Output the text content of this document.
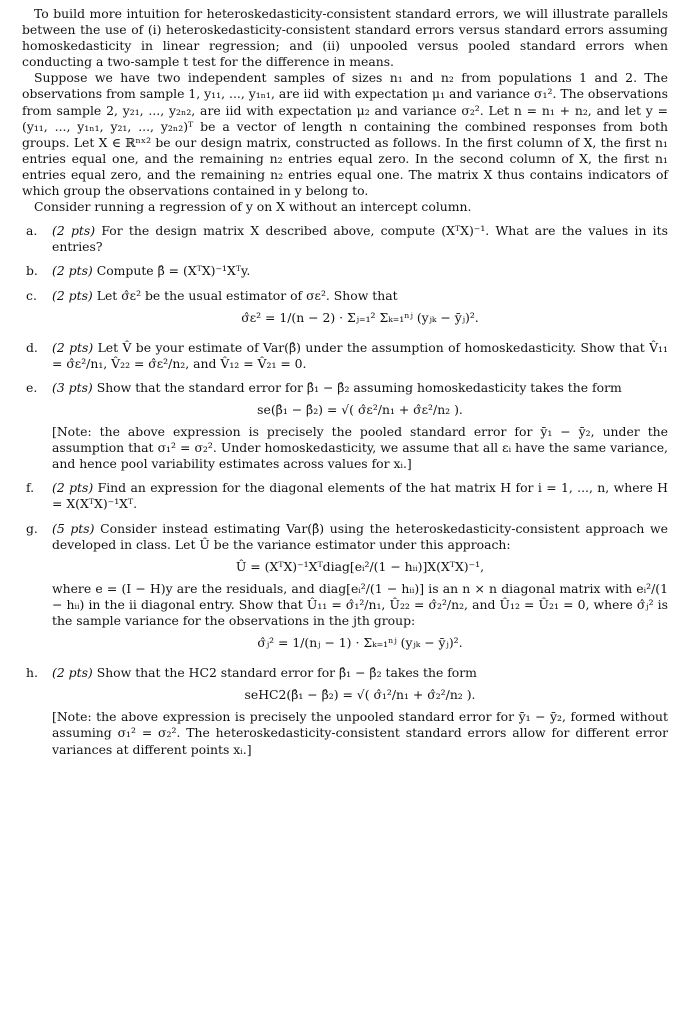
To build more intuition for heteroskedasticity-consistent standard errors, we will illustrate parallels between the use of (i) heteroskedasticity-consistent standard errors versus standard errors assuming homoskedasticity in linear regression; and (ii) unpooled versus pooled standard errors when conducting a two-sample t test for the difference in means.

Suppose we have two independent samples of sizes n₁ and n₂ from populations 1 and 2. The observations from sample 1, y₁₁, ..., y₁ₙ₁, are iid with expectation μ₁ and variance σ₁². The observations from sample 2, y₂₁, ..., y₂ₙ₂, are iid with expectation μ₂ and variance σ₂². Let n = n₁ + n₂, and let y = (y₁₁, ..., y₁ₙ₁, y₂₁, ..., y₂ₙ₂)ᵀ be a vector of length n containing the combined responses from both groups. Let X ∈ ℝⁿˣ² be our design matrix, constructed as follows. In the first column of X, the first n₁ entries equal one, and the remaining n₂ entries equal zero. In the second column of X, the first n₁ entries equal zero, and the remaining n₂ entries equal one. The matrix X thus contains indicators of which group the observations contained in y belong to.

Consider running a regression of y on X without an intercept column.

a.	(2 pts) For the design matrix X described above, compute (XᵀX)⁻¹. What are the values in its entries?
b.	(2 pts) Compute β̂ = (XᵀX)⁻¹Xᵀy.
c.	(2 pts) Let σ̂ε² be the usual estimator of σε². Show that
σ̂ε² = 1/(n − 2) · Σⱼ₌₁² Σₖ₌₁ⁿʲ (yⱼₖ − ȳⱼ)².
d.	(2 pts) Let V̂ be your estimate of Var(β̂) under the assumption of homoskedasticity. Show that V̂₁₁ = σ̂ε²/n₁, V̂₂₂ = σ̂ε²/n₂, and V̂₁₂ = V̂₂₁ = 0.
e.	(3 pts) Show that the standard error for β̂₁ − β̂₂ assuming homoskedasticity takes the form
se(β̂₁ − β̂₂) = √( σ̂ε²/n₁ + σ̂ε²/n₂ ).

[Note: the above expression is precisely the pooled standard error for ȳ₁ − ȳ₂, under the assumption that σ₁² = σ₂². Under homoskedasticity, we assume that all εᵢ have the same variance, and hence pool variability estimates across values for xᵢ.]

f.	(2 pts) Find an expression for the diagonal elements of the hat matrix H for i = 1, ..., n, where H = X(XᵀX)⁻¹Xᵀ.
g.	(5 pts) Consider instead estimating Var(β̂) using the heteroskedasticity-consistent approach we developed in class. Let Û be the variance estimator under this approach:
Û = (XᵀX)⁻¹Xᵀdiag[eᵢ²/(1 − hᵢᵢ)]X(XᵀX)⁻¹,

where e = (I − H)y are the residuals, and diag[eᵢ²/(1 − hᵢᵢ)] is an n × n diagonal matrix with eᵢ²/(1 − hᵢᵢ) in the ii diagonal entry. Show that Û₁₁ = σ̂₁²/n₁, Û₂₂ = σ̂₂²/n₂, and Û₁₂ = Û₂₁ = 0, where σ̂ⱼ² is the sample variance for the observations in the jth group:

σ̂ⱼ² = 1/(nⱼ − 1) · Σₖ₌₁ⁿʲ (yⱼₖ − ȳⱼ)².
h.	(2 pts) Show that the HC2 standard error for β̂₁ − β̂₂ takes the form
seHC2(β̂₁ − β̂₂) = √( σ̂₁²/n₁ + σ̂₂²/n₂ ).

[Note: the above expression is precisely the unpooled standard error for ȳ₁ − ȳ₂, formed without assuming σ₁² = σ₂². The heteroskedasticity-consistent standard errors allow for different error variances at different points xᵢ.]
